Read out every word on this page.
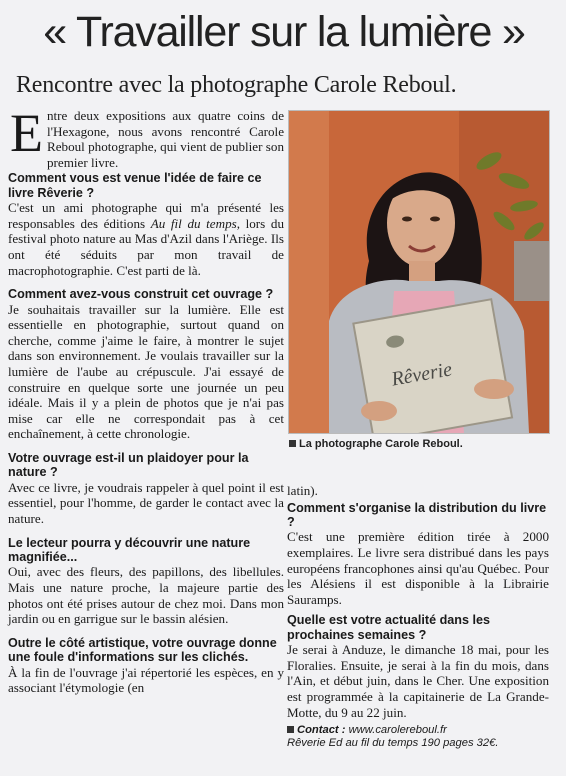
« Travailler sur la lumière »
Rencontre avec la photographe Carole Reboul.

Entre deux expositions aux quatre coins de l'Hexagone, nous avons rencontré Carole Reboul photographe, qui vient de publier son premier livre.

Comment vous est venue l'idée de faire ce livre Rêverie ?

C'est un ami photographe qui m'a présenté les responsables des éditions Au fil du temps, lors du festival photo nature au Mas d'Azil dans l'Ariège. Ils ont été séduits par mon travail de macrophotographie. C'est parti de là.

Comment avez-vous construit cet ouvrage ?

Je souhaitais travailler sur la lumière. Elle est essentielle en photographie, surtout quand on cherche, comme j'aime le faire, à montrer le sujet dans son environnement. Je voulais travailler sur la lumière de l'aube au crépuscule. J'ai essayé de construire en quelque sorte une journée un peu idéale. Mais il y a plein de photos que je n'ai pas mise car elle ne correspondait pas à cet enchaînement, à cette chronologie.

Votre ouvrage est-il un plaidoyer pour la nature ?

Avec ce livre, je voudrais rappeler à quel point il est essentiel, pour l'homme, de garder le contact avec la nature.

Le lecteur pourra y découvrir une nature magnifiée...

Oui, avec des fleurs, des papillons, des libellules. Mais une nature proche, la majeure partie des photos ont été prises autour de chez moi. Dans mon jardin ou en garrigue sur le bassin alésien.

Outre le côté artistique, votre ouvrage donne une foule d'informations sur les clichés.

À la fin de l'ouvrage j'ai répertorié les espèces, en y associant l'étymologie (en

Rêverie
La photographe Carole Reboul.

latin).

Comment s'organise la distribution du livre ?

C'est une première édition tirée à 2000 exemplaires. Le livre sera distribué dans les pays européens francophones ainsi qu'au Québec. Pour les Alésiens il est disponible à la Librairie Sauramps.

Quelle est votre actualité dans les prochaines semaines ?

Je serai à Anduze, le dimanche 18 mai, pour les Floralies. Ensuite, je serai à la fin du mois, dans l'Ain, et début juin, dans le Cher. Une exposition est programmée à la capitainerie de La Grande-Motte, du 9 au 22 juin.

Contact : www.carolereboul.fr
Rêverie Ed au fil du temps 190 pages 32€.
